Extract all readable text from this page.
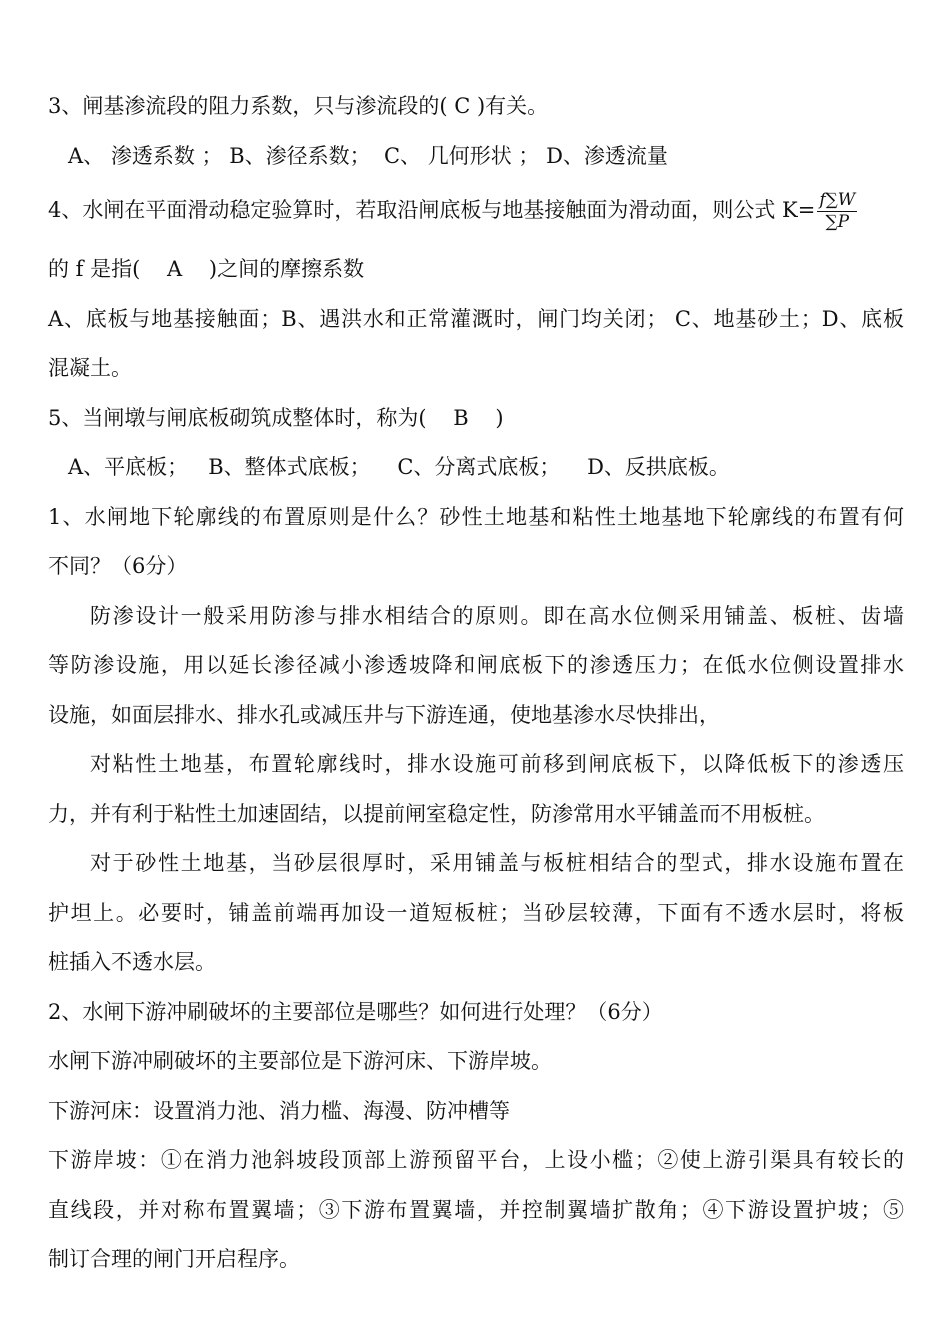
3、闸基渗流段的阻力系数，只与渗流段的( C )有关。
A、 渗透系数 ； B、渗径系数；  C、 几何形状 ； D、渗透流量
4、水闸在平面滑动稳定验算时，若取沿闸底板与地基接触面为滑动面，则公式 $K= \frac{f\sum W}{\sum P}$
的 f 是指(    A    )之间的摩擦系数
A、底板与地基接触面；B、遇洪水和正常灌溉时，闸门均关闭； C、地基砂土；D、底板
混凝土。
5、当闸墩与闸底板砌筑成整体时，称为(    B    )
A、平底板；   B、整体式底板；    C、分离式底板；    D、反拱底板。
1、水闸地下轮廓线的布置原则是什么？砂性土地基和粘性土地基地下轮廓线的布置有何
不同？（6分）
防渗设计一般采用防渗与排水相结合的原则。即在高水位侧采用铺盖、板桩、齿墙
等防渗设施，用以延长渗径减小渗透坡降和闸底板下的渗透压力；在低水位侧设置排水
设施，如面层排水、排水孔或减压井与下游连通，使地基渗水尽快排出，
对粘性土地基，布置轮廓线时，排水设施可前移到闸底板下，以降低板下的渗透压
力，并有利于粘性土加速固结，以提前闸室稳定性，防渗常用水平铺盖而不用板桩。
对于砂性土地基，当砂层很厚时，采用铺盖与板桩相结合的型式，排水设施布置在
护坦上。必要时，铺盖前端再加设一道短板桩；当砂层较薄，下面有不透水层时，将板
桩插入不透水层。
2、水闸下游冲刷破坏的主要部位是哪些？如何进行处理？（6分）
水闸下游冲刷破坏的主要部位是下游河床、下游岸坡。
下游河床：设置消力池、消力槛、海漫、防冲槽等
下游岸坡：①在消力池斜坡段顶部上游预留平台，上设小槛；②使上游引渠具有较长的
直线段，并对称布置翼墙；③下游布置翼墙，并控制翼墙扩散角；④下游设置护坡；⑤
制订合理的闸门开启程序。
